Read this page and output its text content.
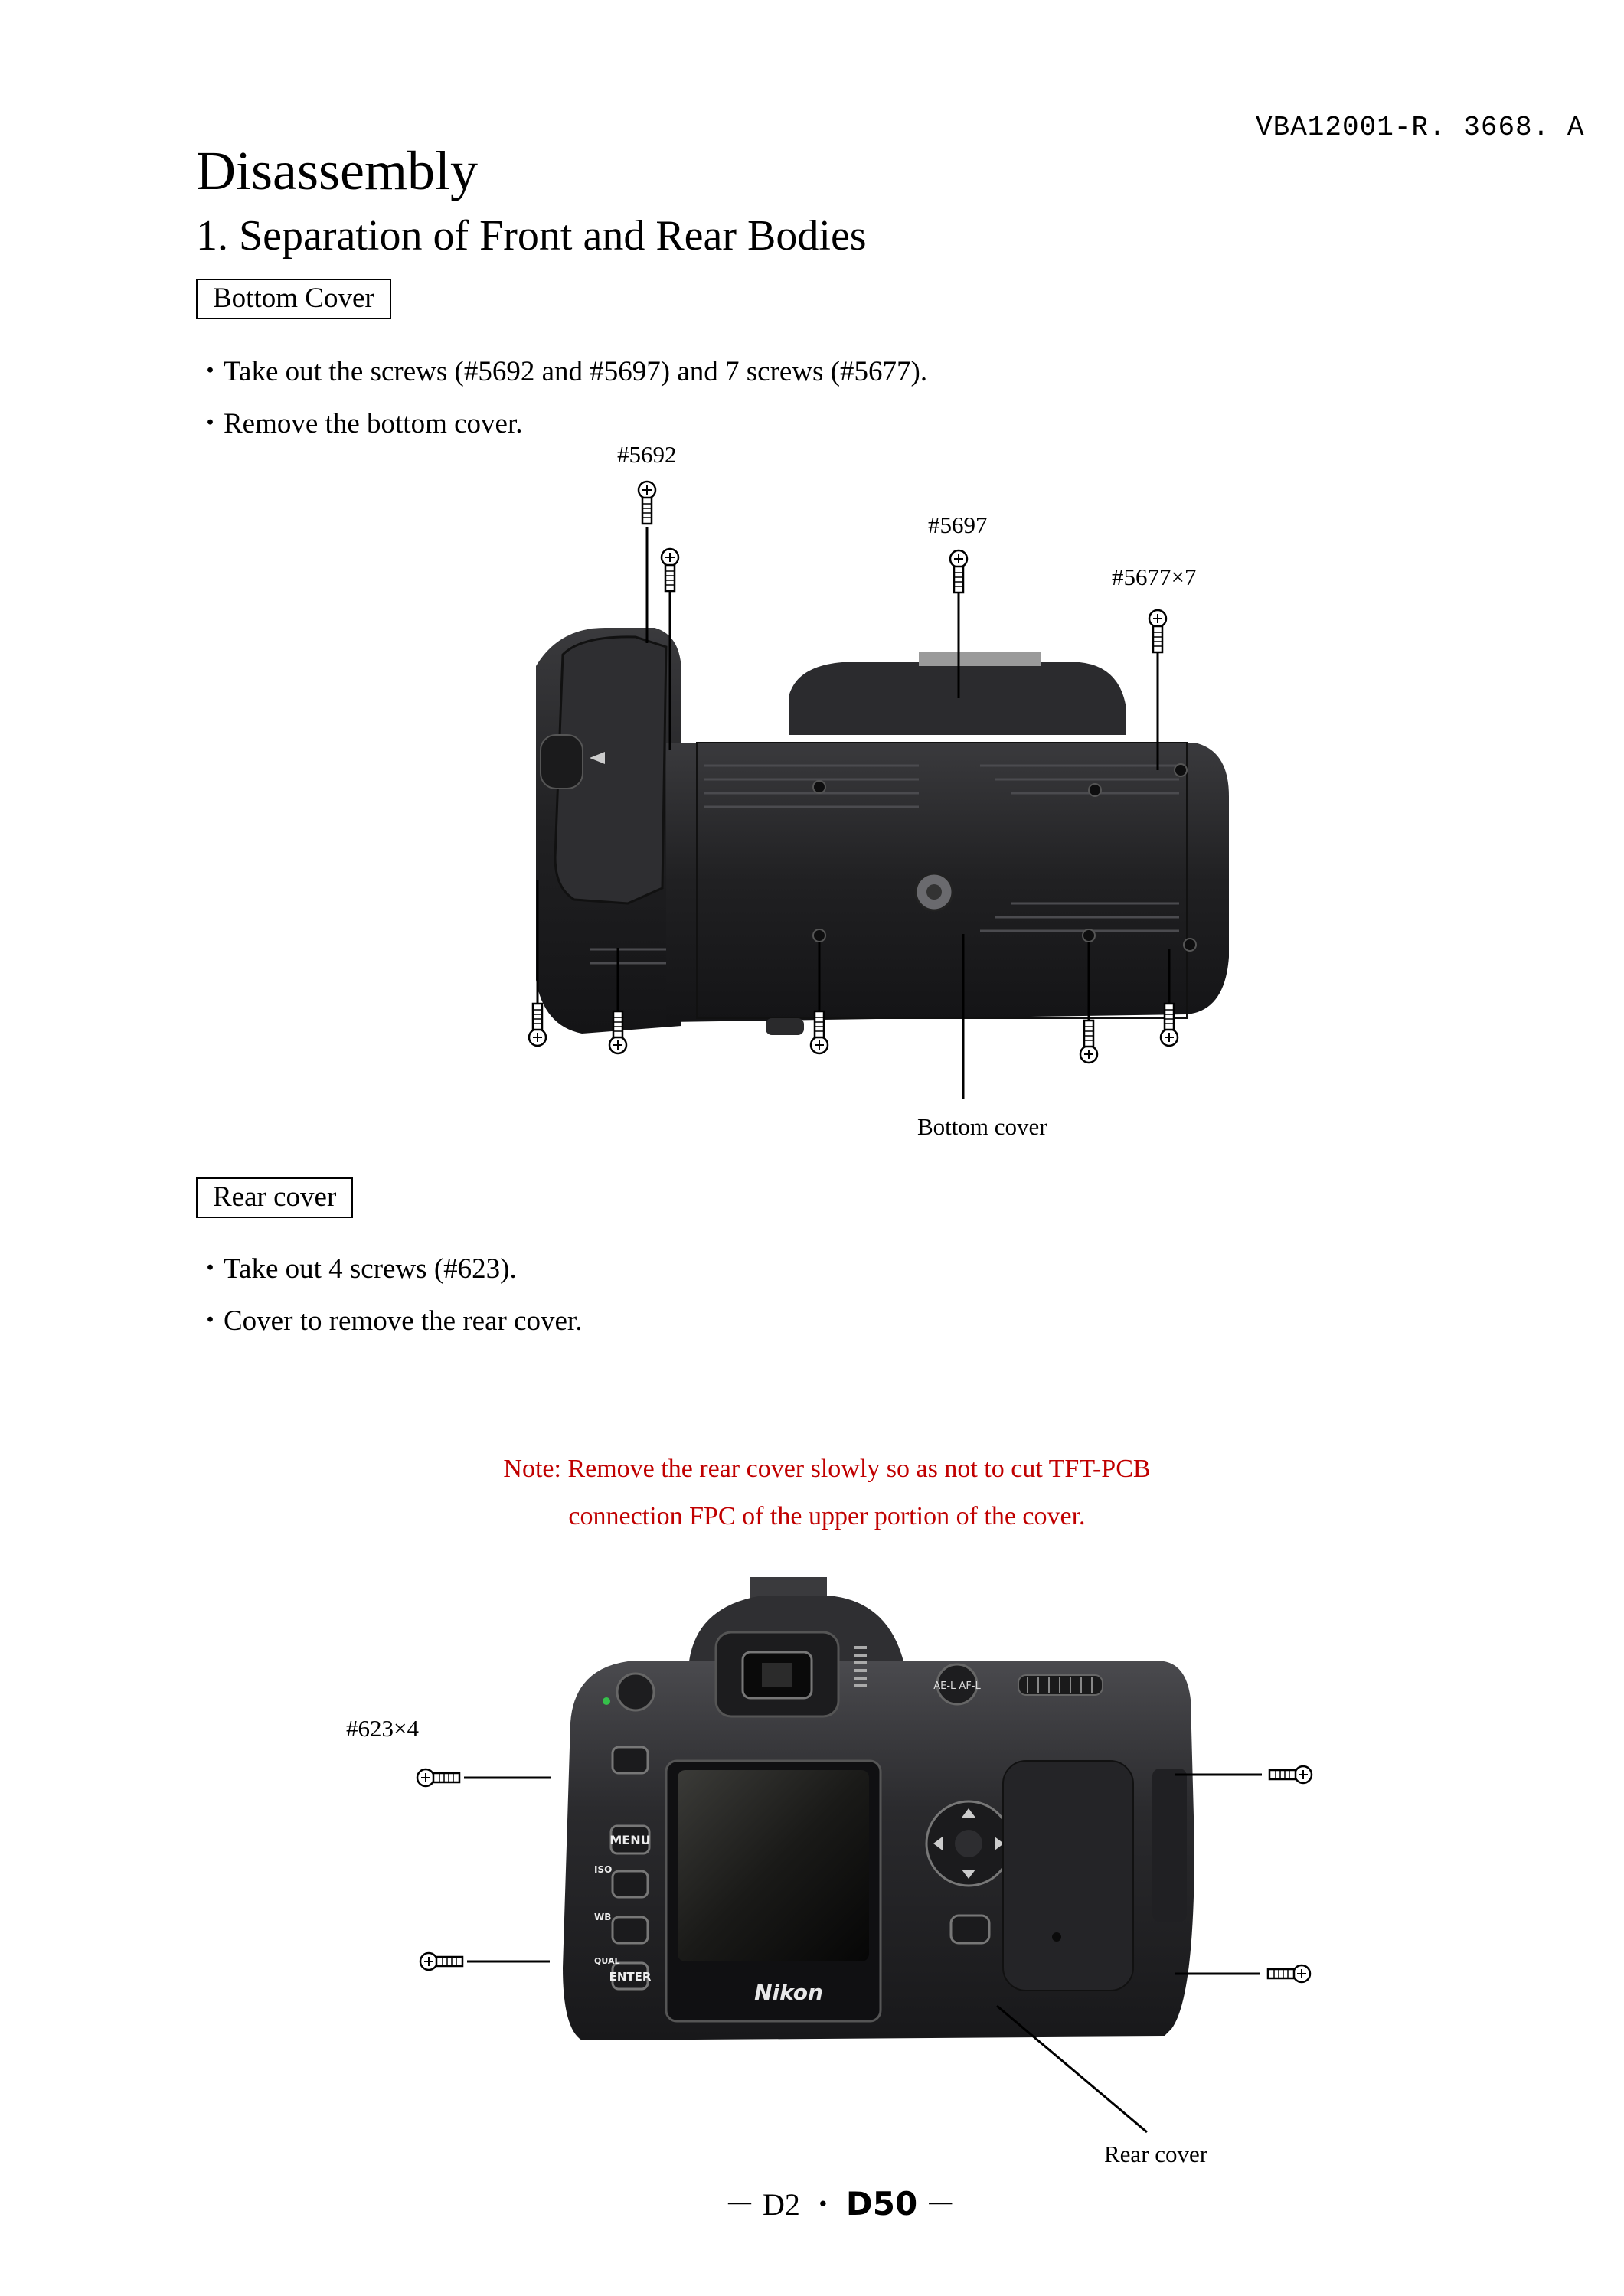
VBA12001-R. 3668. A
Disassembly
1. Separation of Front and Rear Bodies
Bottom Cover
・Take out the screws (#5692 and #5697) and 7 screws (#5677).
・Remove the bottom cover.
#5692
#5697
#5677×7
Bottom cover
Rear cover
・Take out 4 screws (#623).
・Cover to remove the rear cover.
Note: Remove the rear cover slowly so as not to cut TFT-PCB
connection FPC of the upper portion of the cover.
#623×4
Rear cover
AE-L AF-L
MENU
ISO
WB
QUAL
ENTER
Nikon
－ D2 ・ D50 －
